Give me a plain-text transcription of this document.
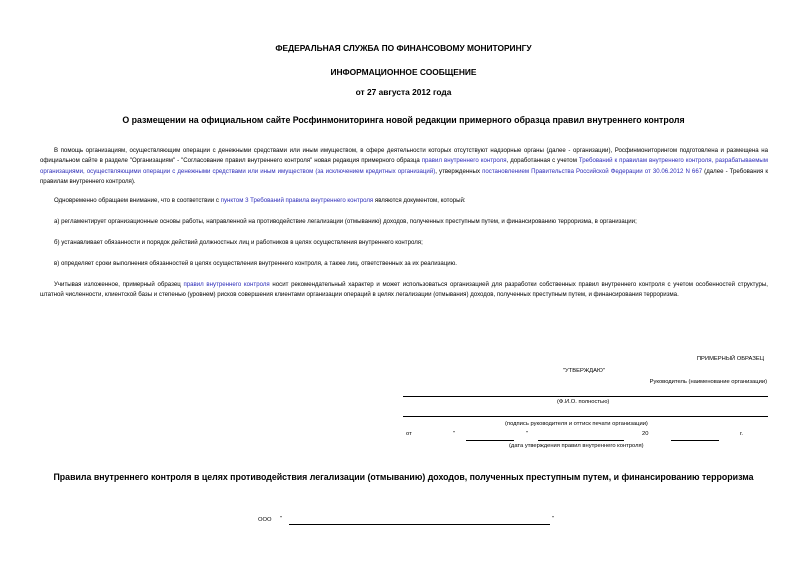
ФЕДЕРАЛЬНАЯ СЛУЖБА ПО ФИНАНСОВОМУ МОНИТОРИНГУ
ИНФОРМАЦИОННОЕ СООБЩЕНИЕ
от 27 августа 2012 года
О размещении на официальном сайте Росфинмониторинга новой редакции примерного образца правил внутреннего контроля
В помощь организациям, осуществляющим операции с денежными средствами или иным имуществом, в сфере деятельности которых отсутствуют надзорные органы (далее - организации), Росфинмониторингом подготовлена и размещена на официальном сайте в разделе "Организациям" - "Согласование правил внутреннего контроля" новая редакция примерного образца правил внутреннего контроля, доработанная с учетом Требований к правилам внутреннего контроля, разрабатываемым организациями, осуществляющими операции с денежными средствами или иным имуществом (за исключением кредитных организаций), утвержденных постановлением Правительства Российской Федерации от 30.06.2012 N 667 (далее - Требования к правилам внутреннего контроля).
Одновременно обращаем внимание, что в соответствии с пунктом 3 Требований правила внутреннего контроля являются документом, который:
а) регламентирует организационные основы работы, направленной на противодействие легализации (отмыванию) доходов, полученных преступным путем, и финансированию терроризма, в организации;
б) устанавливает обязанности и порядок действий должностных лиц и работников в целях осуществления внутреннего контроля;
в) определяет сроки выполнения обязанностей в целях осуществления внутреннего контроля, а также лиц, ответственных за их реализацию.
Учитывая изложенное, примерный образец правил внутреннего контроля носит рекомендательный характер и может использоваться организацией для разработки собственных правил внутреннего контроля с учетом особенностей структуры, штатной численности, клиентской базы и степенью (уровнем) рисков совершения клиентами организации операций в целях легализации (отмывания) доходов, полученных преступным путем, и финансирования терроризма.
ПРИМЕРНЫЙ ОБРАЗЕЦ
"УТВЕРЖДАЮ"
Руководитель (наименование организации)
(Ф.И.О. полностью)
(подпись руководителя и оттиск печати организации)
от	"	"	20	г.
(дата утверждения правил внутреннего контроля)
Правила внутреннего контроля в целях противодействия легализации (отмыванию) доходов, полученных преступным путем, и финансированию терроризма
ООО "	"
